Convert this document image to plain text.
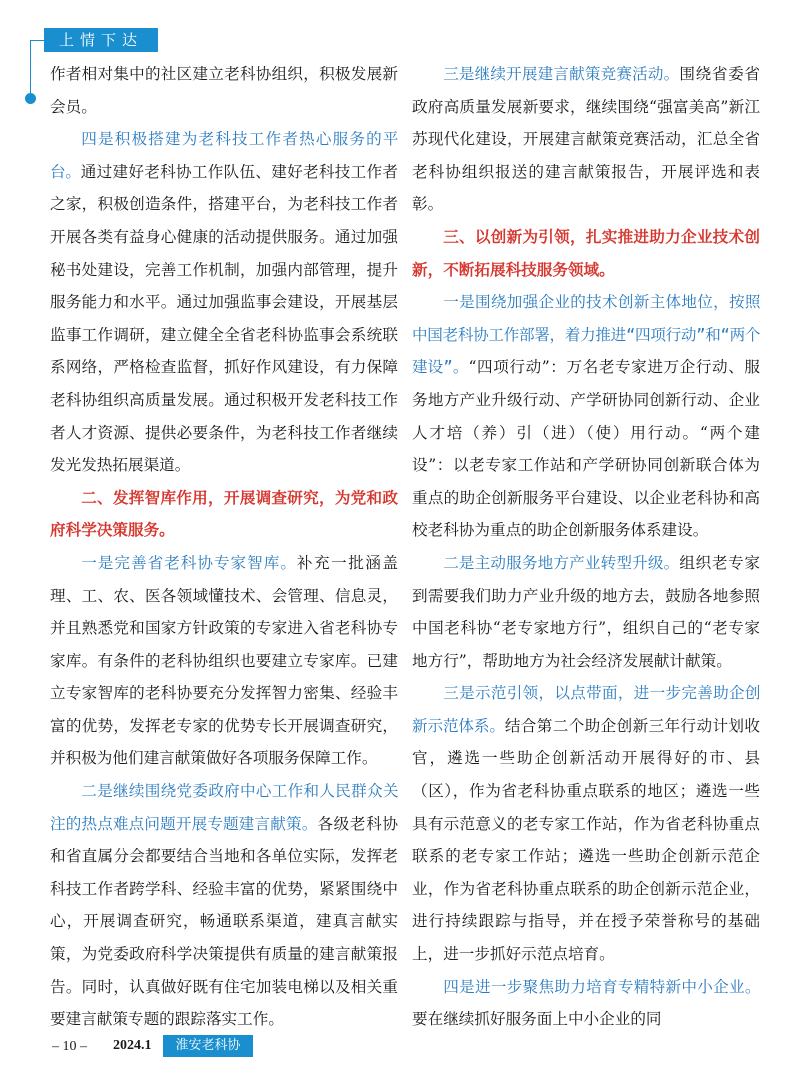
上情下达

作者相对集中的社区建立老科协组织，积极发展新会员。

四是积极搭建为老科技工作者热心服务的平台。通过建好老科协工作队伍、建好老科技工作者之家，积极创造条件，搭建平台，为老科技工作者开展各类有益身心健康的活动提供服务。通过加强秘书处建设，完善工作机制，加强内部管理，提升服务能力和水平。通过加强监事会建设，开展基层监事工作调研，建立健全全省老科协监事会系统联系网络，严格检查监督，抓好作风建设，有力保障老科协组织高质量发展。通过积极开发老科技工作者人才资源、提供必要条件，为老科技工作者继续发光发热拓展渠道。

二、发挥智库作用，开展调查研究，为党和政府科学决策服务。

一是完善省老科协专家智库。补充一批涵盖理、工、农、医各领域懂技术、会管理、信息灵，并且熟悉党和国家方针政策的专家进入省老科协专家库。有条件的老科协组织也要建立专家库。已建立专家智库的老科协要充分发挥智力密集、经验丰富的优势，发挥老专家的优势专长开展调查研究，并积极为他们建言献策做好各项服务保障工作。

二是继续围绕党委政府中心工作和人民群众关注的热点难点问题开展专题建言献策。各级老科协和省直属分会都要结合当地和各单位实际，发挥老科技工作者跨学科、经验丰富的优势，紧紧围绕中心，开展调查研究，畅通联系渠道，建真言献实策，为党委政府科学决策提供有质量的建言献策报告。同时，认真做好既有住宅加装电梯以及相关重要建言献策专题的跟踪落实工作。

三是继续开展建言献策竞赛活动。围绕省委省政府高质量发展新要求，继续围绕“强富美高”新江苏现代化建设，开展建言献策竞赛活动，汇总全省老科协组织报送的建言献策报告，开展评选和表彰。

三、以创新为引领，扎实推进助力企业技术创新，不断拓展科技服务领域。

一是围绕加强企业的技术创新主体地位，按照中国老科协工作部署，着力推进“四项行动”和“两个建设”。“四项行动”：万名老专家进万企行动、服务地方产业升级行动、产学研协同创新行动、企业人才培（养）引（进）（使）用行动。“两个建设”：以老专家工作站和产学研协同创新联合体为重点的助企创新服务平台建设、以企业老科协和高校老科协为重点的助企创新服务体系建设。

二是主动服务地方产业转型升级。组织老专家到需要我们助力产业升级的地方去，鼓励各地参照中国老科协“老专家地方行”，组织自己的“老专家地方行”，帮助地方为社会经济发展献计献策。

三是示范引领，以点带面，进一步完善助企创新示范体系。结合第二个助企创新三年行动计划收官，遴选一些助企创新活动开展得好的市、县（区），作为省老科协重点联系的地区；遴选一些具有示范意义的老专家工作站，作为省老科协重点联系的老专家工作站；遴选一些助企创新示范企业，作为省老科协重点联系的助企创新示范企业，进行持续跟踪与指导，并在授予荣誉称号的基础上，进一步抓好示范点培育。

四是进一步聚焦助力培育专精特新中小企业。要在继续抓好服务面上中小企业的同

– 10 – 2024.1	淮安老科协
